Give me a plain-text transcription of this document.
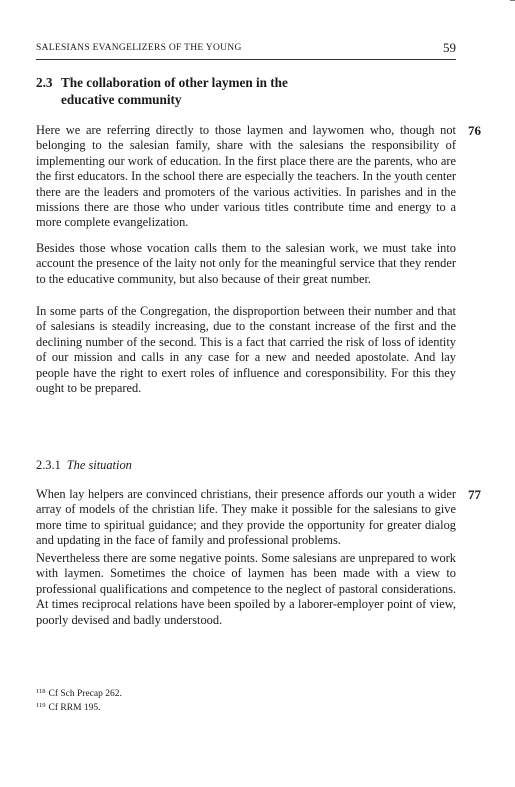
SALESIANS EVANGELIZERS OF THE YOUNG	59
2.3 The collaboration of other laymen in the
educative community

Here we are referring directly to those laymen and laywomen who, though not belonging to the salesian family, share with the salesians the responsibility of implementing our work of education. In the first place there are the parents, who are the first educators. In the school there are especially the teachers. In the youth center there are the leaders and promoters of the various activities. In parishes and in the missions there are those who under various titles contribute time and energy to a more complete evangelization.

76

Besides those whose vocation calls them to the salesian work, we must take into account the presence of the laity not only for the meaningful service that they render to the educative community, but also because of their great number.

In some parts of the Congregation, the disproportion between their number and that of salesians is steadily increasing, due to the constant increase of the first and the declining number of the second. This is a fact that carried the risk of loss of identity of our mission and calls in any case for a new and needed apostolate. And lay people have the right to exert roles of influence and coresponsibility. For this they ought to be prepared.

2.3.1 The situation

When lay helpers are convinced christians, their presence affords our youth a wider array of models of the christian life. They make it possible for the salesians to give more time to spiritual guidance; and they provide the opportunity for greater dialog and updating in the face of family and professional problems.

77

Nevertheless there are some negative points. Some salesians are unprepared to work with laymen. Sometimes the choice of laymen has been made with a view to professional qualifications and competence to the neglect of pastoral considerations. At times reciprocal relations have been spoiled by a laborer-employer point of view, poorly devised and badly understood.

$^{118}$ Cf Sch Precap 262.
$^{119}$ Cf RRM 195.
